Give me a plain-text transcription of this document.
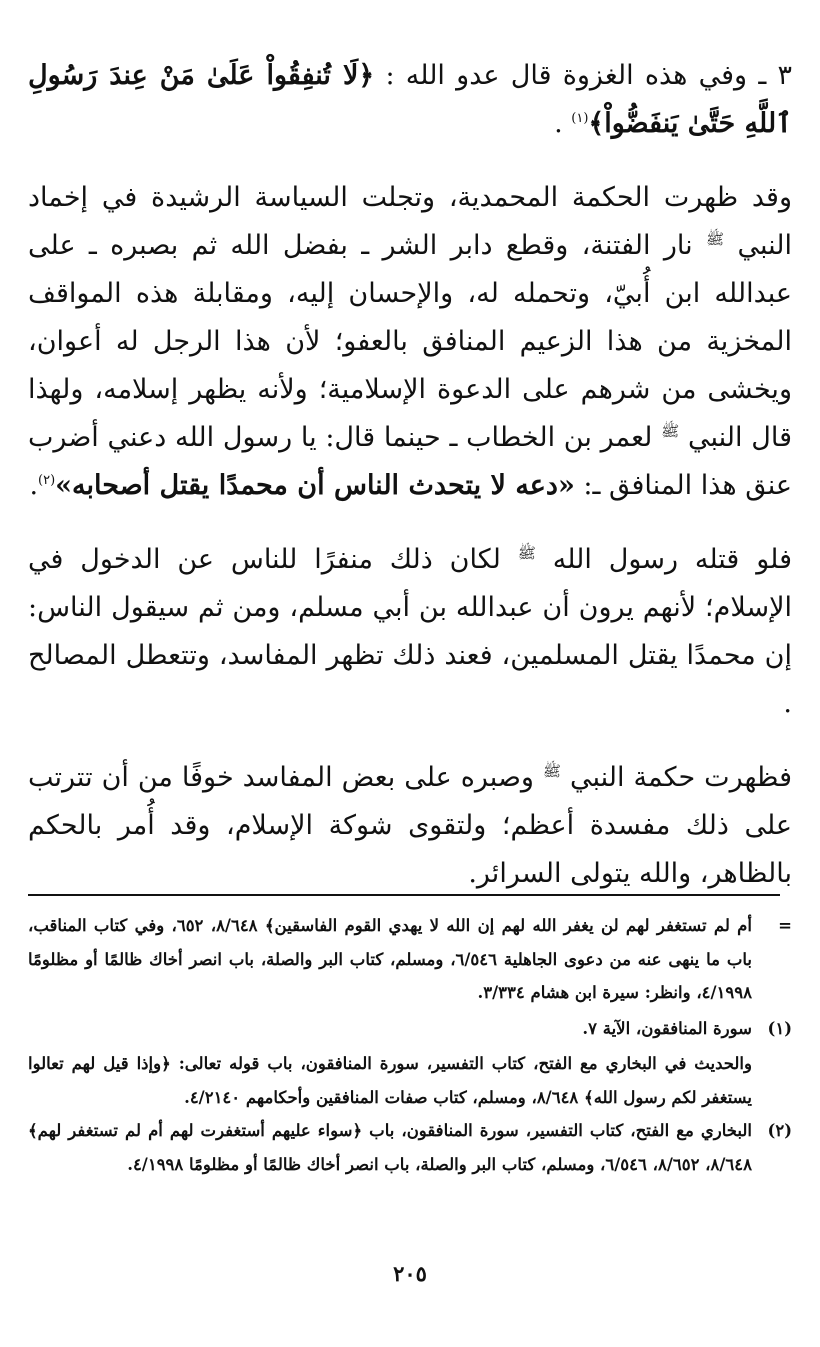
٣ ـ وفي هذه الغزوة قال عدو الله : ﴿لَا تُنفِقُواْ عَلَىٰ مَنْ عِندَ رَسُولِ ٱللَّهِ حَتَّىٰ يَنفَضُّواْ﴾$^{(١)}$ .

وقد ظهرت الحكمة المحمدية، وتجلت السياسة الرشيدة في إخماد النبي $^ﷺ$ نار الفتنة، وقطع دابر الشر ـ بفضل الله ثم بصبره ـ على عبدالله ابن أُبيّ، وتحمله له، والإحسان إليه، ومقابلة هذه المواقف المخزية من هذا الزعيم المنافق بالعفو؛ لأن هذا الرجل له أعوان، ويخشى من شرهم على الدعوة الإسلامية؛ ولأنه يظهر إسلامه، ولهذا قال النبي $^ﷺ$ لعمر بن الخطاب ـ حينما قال: يا رسول الله دعني أضرب عنق هذا المنافق ـ: «دعه لا يتحدث الناس أن محمدًا يقتل أصحابه»$^{(٢)}$.

فلو قتله رسول الله $^ﷺ$ لكان ذلك منفرًا للناس عن الدخول في الإسلام؛ لأنهم يرون أن عبدالله بن أبي مسلم، ومن ثم سيقول الناس: إن محمدًا يقتل المسلمين، فعند ذلك تظهر المفاسد، وتتعطل المصالح .

فظهرت حكمة النبي $^ﷺ$ وصبره على بعض المفاسد خوفًا من أن تترتب على ذلك مفسدة أعظم؛ ولتقوى شوكة الإسلام، وقد أُمر بالحكم بالظاهر، والله يتولى السرائر.

=
أم لم تستغفر لهم لن يغفر الله لهم إن الله لا يهدي القوم الفاسقين﴾ ٨/٦٤٨، ٦٥٢، وفي كتاب المناقب، باب ما ينهى عنه من دعوى الجاهلية ٦/٥٤٦، ومسلم، كتاب البر والصلة، باب انصر أخاك ظالمًا أو مظلومًا ٤/١٩٩٨، وانظر: سيرة ابن هشام ٣/٣٣٤.
(١)
سورة المنافقون، الآية ٧.
والحديث في البخاري مع الفتح، كتاب التفسير، سورة المنافقون، باب قوله تعالى: ﴿وإذا قيل لهم تعالوا يستغفر لكم رسول الله﴾ ٨/٦٤٨، ومسلم، كتاب صفات المنافقين وأحكامهم ٤/٢١٤٠.
(٢)
البخاري مع الفتح، كتاب التفسير، سورة المنافقون، باب ﴿سواء عليهم أستغفرت لهم أم لم تستغفر لهم﴾ ٨/٦٤٨، ٨/٦٥٢، ٦/٥٤٦، ومسلم، كتاب البر والصلة، باب انصر أخاك ظالمًا أو مظلومًا ٤/١٩٩٨.
٢٠٥
